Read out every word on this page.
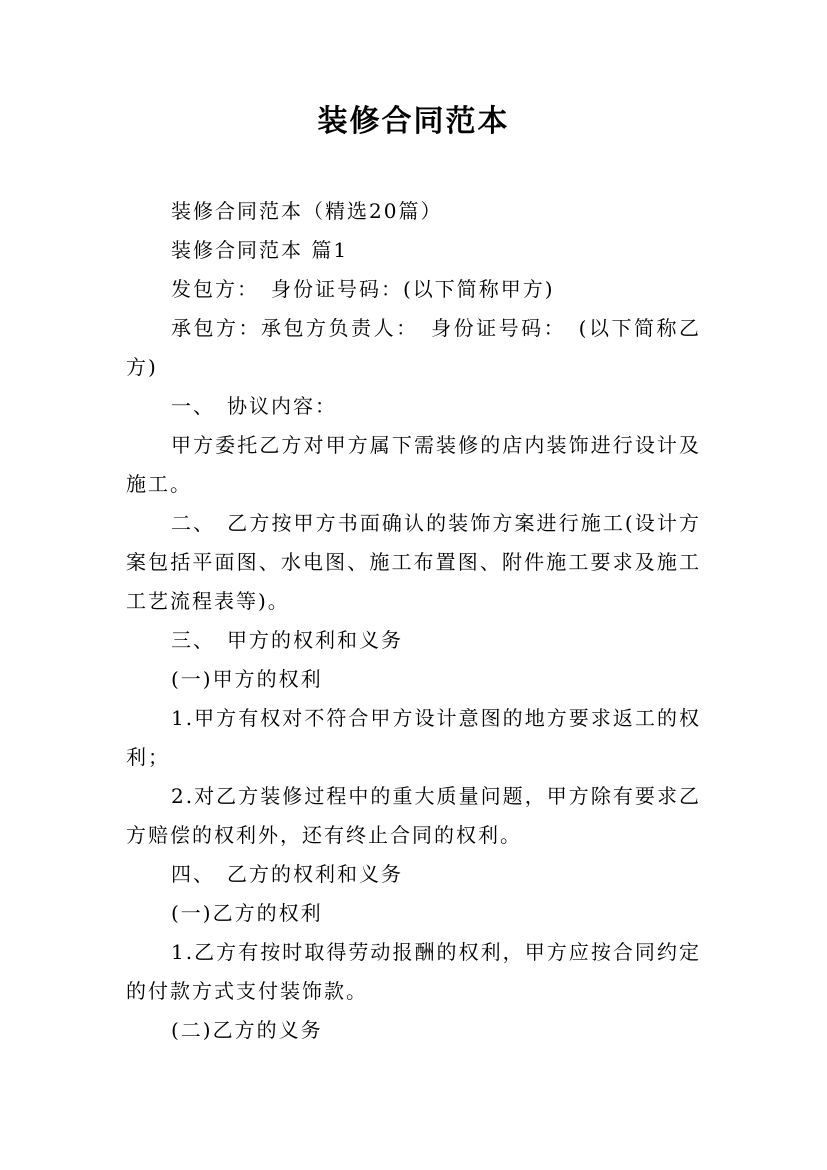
装修合同范本

装修合同范本（精选20篇）

装修合同范本 篇1

发包方：　身份证号码：(以下简称甲方)

承包方：承包方负责人：　身份证号码：　(以下简称乙方)

一、　协议内容：

甲方委托乙方对甲方属下需装修的店内装饰进行设计及施工。

二、　乙方按甲方书面确认的装饰方案进行施工(设计方案包括平面图、水电图、施工布置图、附件施工要求及施工工艺流程表等)。

三、　甲方的权利和义务

(一)甲方的权利

1.甲方有权对不符合甲方设计意图的地方要求返工的权利；

2.对乙方装修过程中的重大质量问题，甲方除有要求乙方赔偿的权利外，还有终止合同的权利。

四、　乙方的权利和义务

(一)乙方的权利

1.乙方有按时取得劳动报酬的权利，甲方应按合同约定的付款方式支付装饰款。

(二)乙方的义务
